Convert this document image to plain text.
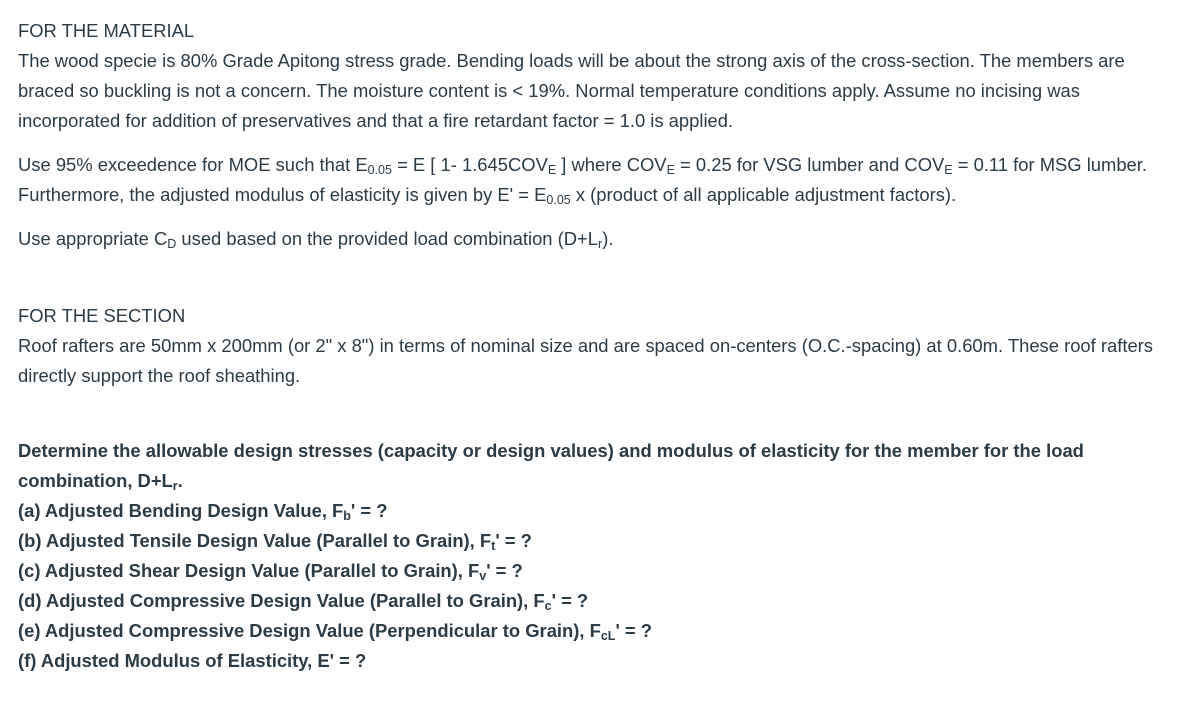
FOR THE MATERIAL

The wood specie is 80% Grade Apitong stress grade. Bending loads will be about the strong axis of the cross-section. The members are braced so buckling is not a concern. The moisture content is < 19%. Normal temperature conditions apply. Assume no incising was incorporated for addition of preservatives and that a fire retardant factor = 1.0 is applied.

Use 95% exceedence for MOE such that $E_{0.05} = E$ [ 1- $1.645COV_E$ ] where $COV_E = 0.25$ for VSG lumber and $COV_E = 0.11$ for MSG lumber. Furthermore, the adjusted modulus of elasticity is given by $E' = E_{0.05}$ x (product of all applicable adjustment factors).

Use appropriate $C_D$ used based on the provided load combination $(D+L_r)$.

FOR THE SECTION

Roof rafters are 50mm x 200mm (or 2" x 8") in terms of nominal size and are spaced on-centers (O.C.-spacing) at 0.60m. These roof rafters directly support the roof sheathing.

Determine the allowable design stresses (capacity or design values) and modulus of elasticity for the member for the load combination, $D+L_r$.

(a) Adjusted Bending Design Value, $F_b'$ = ?

(b) Adjusted Tensile Design Value (Parallel to Grain), $F_t'$ = ?

(c) Adjusted Shear Design Value (Parallel to Grain), $F_v'$ = ?

(d) Adjusted Compressive Design Value (Parallel to Grain), $F_c'$ = ?

(e) Adjusted Compressive Design Value (Perpendicular to Grain), $F_{cL}'$ = ?

(f) Adjusted Modulus of Elasticity, E' = ?
